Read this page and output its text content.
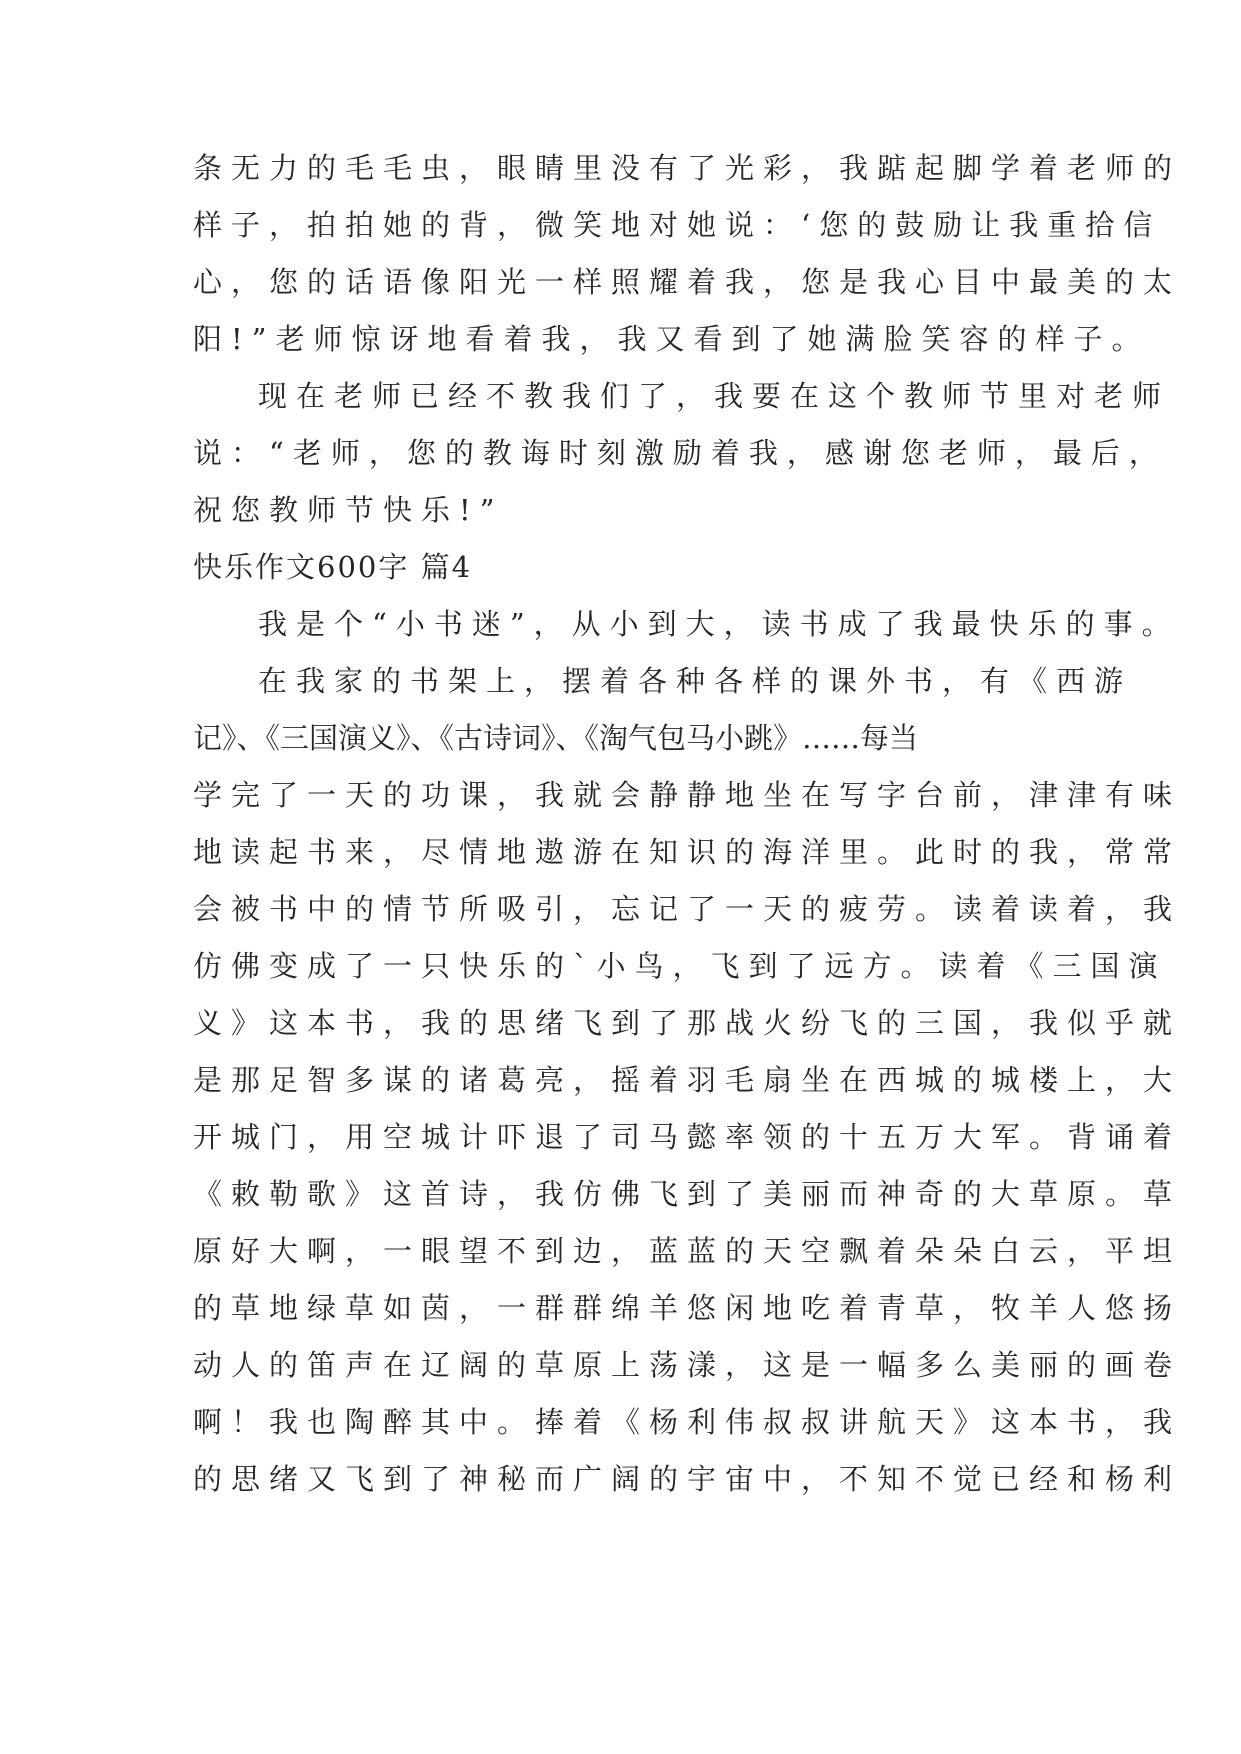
条无力的毛毛虫，眼睛里没有了光彩，我踮起脚学着老师的
样子，拍拍她的背，微笑地对她说：‘您的鼓励让我重拾信
心，您的话语像阳光一样照耀着我，您是我心目中最美的太
阳!”老师惊讶地看着我，我又看到了她满脸笑容的样子。
现在老师已经不教我们了，我要在这个教师节里对老师
说：“老师，您的教诲时刻激励着我，感谢您老师，最后，
祝您教师节快乐!”
快乐作文600字 篇4
我是个“小书迷”，从小到大，读书成了我最快乐的事。
在我家的书架上，摆着各种各样的课外书，有《西游
记》、《三国演义》、《古诗词》、《淘气包马小跳》……每当
学完了一天的功课，我就会静静地坐在写字台前，津津有味
地读起书来，尽情地遨游在知识的海洋里。此时的我，常常
会被书中的情节所吸引，忘记了一天的疲劳。读着读着，我
仿佛变成了一只快乐的`小鸟，飞到了远方。读着《三国演
义》这本书，我的思绪飞到了那战火纷飞的三国，我似乎就
是那足智多谋的诸葛亮，摇着羽毛扇坐在西城的城楼上，大
开城门，用空城计吓退了司马懿率领的十五万大军。背诵着
《敕勒歌》这首诗，我仿佛飞到了美丽而神奇的大草原。草
原好大啊，一眼望不到边，蓝蓝的天空飘着朵朵白云，平坦
的草地绿草如茵，一群群绵羊悠闲地吃着青草，牧羊人悠扬
动人的笛声在辽阔的草原上荡漾，这是一幅多么美丽的画卷
啊！我也陶醉其中。捧着《杨利伟叔叔讲航天》这本书，我
的思绪又飞到了神秘而广阔的宇宙中，不知不觉已经和杨利
